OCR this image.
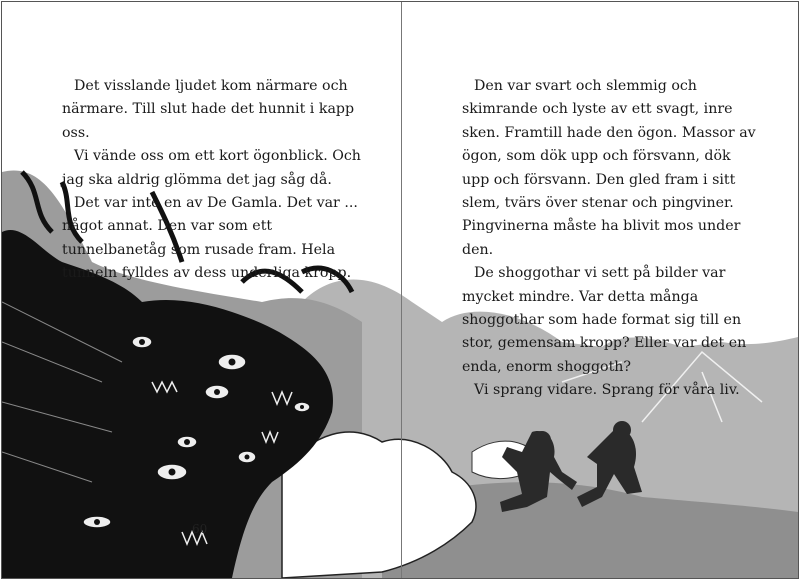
Det visslande ljudet kom närmare och närmare. Till slut hade det hunnit i kapp oss.

Vi vände oss om ett kort ögonblick. Och jag ska aldrig glömma det jag såg då.

Det var inte en av De Gamla. Det var ... något annat. Den var som ett tunnelbanetåg som rusade fram. Hela tunneln fylldes av dess underliga kropp.

60

Den var svart och slemmig och skimrande och lyste av ett svagt, inre sken. Framtill hade den ögon. Massor av ögon, som dök upp och försvann, dök upp och försvann. Den gled fram i sitt slem, tvärs över stenar och pingviner. Pingvinerna måste ha blivit mos under den.

De shoggothar vi sett på bilder var mycket mindre. Var detta många shoggothar som hade format sig till en stor, gemensam kropp? Eller var det en enda, enorm shoggoth?

Vi sprang vidare. Sprang för våra liv.
